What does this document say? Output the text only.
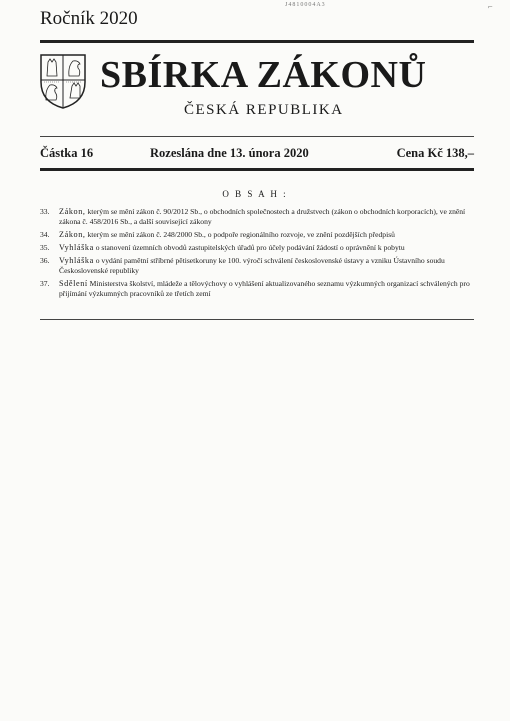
J4810004A3	⌐
Ročník 2020
SBÍRKA ZÁKONŮ
ČESKÁ REPUBLIKA
Částka 16	Rozeslána dne 13. února 2020	Cena Kč 138,–
O B S A H :
33. Zákon, kterým se mění zákon č. 90/2012 Sb., o obchodních společnostech a družstvech (zákon o obchodních korporacích), ve znění zákona č. 458/2016 Sb., a další související zákony
34. Zákon, kterým se mění zákon č. 248/2000 Sb., o podpoře regionálního rozvoje, ve znění pozdějších předpisů
35. Vyhláška o stanovení územních obvodů zastupitelských úřadů pro účely podávání žádostí o oprávnění k pobytu
36. Vyhláška o vydání pamětní stříbrné pětisetkoruny ke 100. výročí schválení československé ústavy a vzniku Ústavního soudu Československé republiky
37. Sdělení Ministerstva školství, mládeže a tělovýchovy o vyhlášení aktualizovaného seznamu výzkumných organizací schválených pro přijímání výzkumných pracovníků ze třetích zemí
